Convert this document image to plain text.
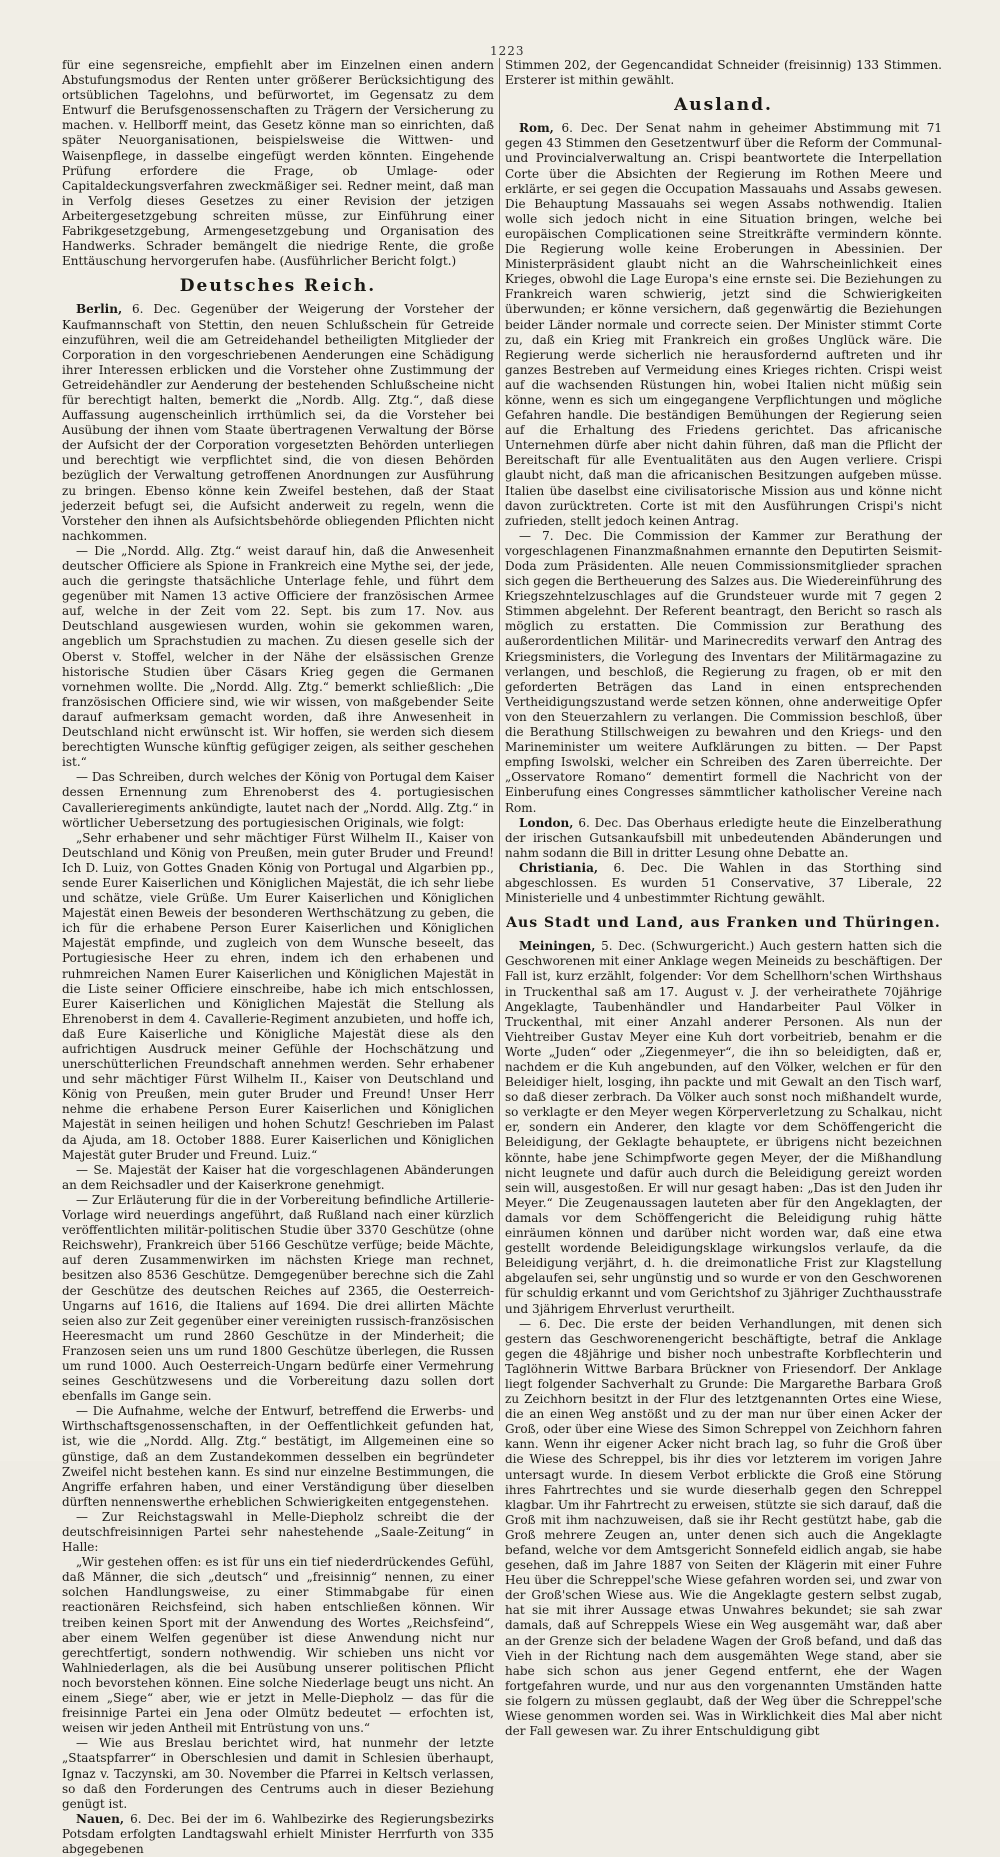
1223

für eine segensreiche, empfiehlt aber im Einzelnen einen andern Abstufungsmodus der Renten unter größerer Berücksichtigung des ortsüblichen Tagelohns, und befürwortet, im Gegensatz zu dem Entwurf die Berufsgenossenschaften zu Trägern der Versicherung zu machen. v. Hellborff meint, das Gesetz könne man so einrichten, daß später Neuorganisationen, beispielsweise die Wittwen- und Waisenpflege, in dasselbe eingefügt werden könnten. Eingehende Prüfung erfordere die Frage, ob Umlage- oder Capitaldeckungsverfahren zweckmäßiger sei. Redner meint, daß man in Verfolg dieses Gesetzes zu einer Revision der jetzigen Arbeitergesetzgebung schreiten müsse, zur Einführung einer Fabrikgesetzgebung, Armengesetzgebung und Organisation des Handwerks. Schrader bemängelt die niedrige Rente, die große Enttäuschung hervorgerufen habe. (Ausführlicher Bericht folgt.)

Deutsches Reich.

Berlin, 6. Dec. Gegenüber der Weigerung der Vorsteher der Kaufmannschaft von Stettin, den neuen Schlußschein für Getreide einzuführen, weil die am Getreidehandel betheiligten Mitglieder der Corporation in den vorgeschriebenen Aenderungen eine Schädigung ihrer Interessen erblicken und die Vorsteher ohne Zustimmung der Getreidehändler zur Aenderung der bestehenden Schlußscheine nicht für berechtigt halten, bemerkt die „Nordb. Allg. Ztg.“, daß diese Auffassung augenscheinlich irrthümlich sei, da die Vorsteher bei Ausübung der ihnen vom Staate übertragenen Verwaltung der Börse der Aufsicht der der Corporation vorgesetzten Behörden unterliegen und berechtigt wie verpflichtet sind, die von diesen Behörden bezüglich der Verwaltung getroffenen Anordnungen zur Ausführung zu bringen. Ebenso könne kein Zweifel bestehen, daß der Staat jederzeit befugt sei, die Aufsicht anderweit zu regeln, wenn die Vorsteher den ihnen als Aufsichtsbehörde obliegenden Pflichten nicht nachkommen.

— Die „Nordd. Allg. Ztg.“ weist darauf hin, daß die Anwesenheit deutscher Officiere als Spione in Frankreich eine Mythe sei, der jede, auch die geringste thatsächliche Unterlage fehle, und führt dem gegenüber mit Namen 13 active Officiere der französischen Armee auf, welche in der Zeit vom 22. Sept. bis zum 17. Nov. aus Deutschland ausgewiesen wurden, wohin sie gekommen waren, angeblich um Sprachstudien zu machen. Zu diesen geselle sich der Oberst v. Stoffel, welcher in der Nähe der elsässischen Grenze historische Studien über Cäsars Krieg gegen die Germanen vornehmen wollte. Die „Nordd. Allg. Ztg.“ bemerkt schließlich: „Die französischen Officiere sind, wie wir wissen, von maßgebender Seite darauf aufmerksam gemacht worden, daß ihre Anwesenheit in Deutschland nicht erwünscht ist. Wir hoffen, sie werden sich diesem berechtigten Wunsche künftig gefügiger zeigen, als seither geschehen ist.“

— Das Schreiben, durch welches der König von Portugal dem Kaiser dessen Ernennung zum Ehrenoberst des 4. portugiesischen Cavallerieregiments ankündigte, lautet nach der „Nordd. Allg. Ztg.“ in wörtlicher Uebersetzung des portugiesischen Originals, wie folgt:

„Sehr erhabener und sehr mächtiger Fürst Wilhelm II., Kaiser von Deutschland und König von Preußen, mein guter Bruder und Freund! Ich D. Luiz, von Gottes Gnaden König von Portugal und Algarbien pp., sende Eurer Kaiserlichen und Königlichen Majestät, die ich sehr liebe und schätze, viele Grüße. Um Eurer Kaiserlichen und Königlichen Majestät einen Beweis der besonderen Werthschätzung zu geben, die ich für die erhabene Person Eurer Kaiserlichen und Königlichen Majestät empfinde, und zugleich von dem Wunsche beseelt, das Portugiesische Heer zu ehren, indem ich den erhabenen und ruhmreichen Namen Eurer Kaiserlichen und Königlichen Majestät in die Liste seiner Officiere einschreibe, habe ich mich entschlossen, Eurer Kaiserlichen und Königlichen Majestät die Stellung als Ehrenoberst in dem 4. Cavallerie-Regiment anzubieten, und hoffe ich, daß Eure Kaiserliche und Königliche Majestät diese als den aufrichtigen Ausdruck meiner Gefühle der Hochschätzung und unerschütterlichen Freundschaft annehmen werden. Sehr erhabener und sehr mächtiger Fürst Wilhelm II., Kaiser von Deutschland und König von Preußen, mein guter Bruder und Freund! Unser Herr nehme die erhabene Person Eurer Kaiserlichen und Königlichen Majestät in seinen heiligen und hohen Schutz! Geschrieben im Palast da Ajuda, am 18. October 1888. Eurer Kaiserlichen und Königlichen Majestät guter Bruder und Freund. Luiz.“

— Se. Majestät der Kaiser hat die vorgeschlagenen Abänderungen an dem Reichsadler und der Kaiserkrone genehmigt.

— Zur Erläuterung für die in der Vorbereitung befindliche Artillerie-Vorlage wird neuerdings angeführt, daß Rußland nach einer kürzlich veröffentlichten militär-politischen Studie über 3370 Geschütze (ohne Reichswehr), Frankreich über 5166 Geschütze verfüge; beide Mächte, auf deren Zusammenwirken im nächsten Kriege man rechnet, besitzen also 8536 Geschütze. Demgegenüber berechne sich die Zahl der Geschütze des deutschen Reiches auf 2365, die Oesterreich-Ungarns auf 1616, die Italiens auf 1694. Die drei allirten Mächte seien also zur Zeit gegenüber einer vereinigten russisch-französischen Heeresmacht um rund 2860 Geschütze in der Minderheit; die Franzosen seien uns um rund 1800 Geschütze überlegen, die Russen um rund 1000. Auch Oesterreich-Ungarn bedürfe einer Vermehrung seines Geschützwesens und die Vorbereitung dazu sollen dort ebenfalls im Gange sein.

— Die Aufnahme, welche der Entwurf, betreffend die Erwerbs- und Wirthschaftsgenossenschaften, in der Oeffentlichkeit gefunden hat, ist, wie die „Nordd. Allg. Ztg.“ bestätigt, im Allgemeinen eine so günstige, daß an dem Zustandekommen desselben ein begründeter Zweifel nicht bestehen kann. Es sind nur einzelne Bestimmungen, die Angriffe erfahren haben, und einer Verständigung über dieselben dürften nennenswerthe erheblichen Schwierigkeiten entgegenstehen.

— Zur Reichstagswahl in Melle-Diepholz schreibt die der deutschfreisinnigen Partei sehr nahestehende „Saale-Zeitung“ in Halle:

„Wir gestehen offen: es ist für uns ein tief niederdrückendes Gefühl, daß Männer, die sich „deutsch“ und „freisinnig“ nennen, zu einer solchen Handlungsweise, zu einer Stimmabgabe für einen reactionären Reichsfeind, sich haben entschließen können. Wir treiben keinen Sport mit der Anwendung des Wortes „Reichsfeind“, aber einem Welfen gegenüber ist diese Anwendung nicht nur gerechtfertigt, sondern nothwendig. Wir schieben uns nicht vor Wahlniederlagen, als die bei Ausübung unserer politischen Pflicht noch bevorstehen können. Eine solche Niederlage beugt uns nicht. An einem „Siege“ aber, wie er jetzt in Melle-Diepholz — das für die freisinnige Partei ein Jena oder Olmütz bedeutet — erfochten ist, weisen wir jeden Antheil mit Entrüstung von uns.“

— Wie aus Breslau berichtet wird, hat nunmehr der letzte „Staatspfarrer“ in Oberschlesien und damit in Schlesien überhaupt, Ignaz v. Taczynski, am 30. November die Pfarrei in Keltsch verlassen, so daß den Forderungen des Centrums auch in dieser Beziehung genügt ist.

Nauen, 6. Dec. Bei der im 6. Wahlbezirke des Regierungsbezirks Potsdam erfolgten Landtagswahl erhielt Minister Herrfurth von 335 abgegebenen

Stimmen 202, der Gegencandidat Schneider (freisinnig) 133 Stimmen. Ersterer ist mithin gewählt.

Ausland.

Rom, 6. Dec. Der Senat nahm in geheimer Abstimmung mit 71 gegen 43 Stimmen den Gesetzentwurf über die Reform der Communal- und Provincialverwaltung an. Crispi beantwortete die Interpellation Corte über die Absichten der Regierung im Rothen Meere und erklärte, er sei gegen die Occupation Massauahs und Assabs gewesen. Die Behauptung Massauahs sei wegen Assabs nothwendig. Italien wolle sich jedoch nicht in eine Situation bringen, welche bei europäischen Complicationen seine Streitkräfte vermindern könnte. Die Regierung wolle keine Eroberungen in Abessinien. Der Ministerpräsident glaubt nicht an die Wahrscheinlichkeit eines Krieges, obwohl die Lage Europa's eine ernste sei. Die Beziehungen zu Frankreich waren schwierig, jetzt sind die Schwierigkeiten überwunden; er könne versichern, daß gegenwärtig die Beziehungen beider Länder normale und correcte seien. Der Minister stimmt Corte zu, daß ein Krieg mit Frankreich ein großes Unglück wäre. Die Regierung werde sicherlich nie herausfordernd auftreten und ihr ganzes Bestreben auf Vermeidung eines Krieges richten. Crispi weist auf die wachsenden Rüstungen hin, wobei Italien nicht müßig sein könne, wenn es sich um eingegangene Verpflichtungen und mögliche Gefahren handle. Die beständigen Bemühungen der Regierung seien auf die Erhaltung des Friedens gerichtet. Das africanische Unternehmen dürfe aber nicht dahin führen, daß man die Pflicht der Bereitschaft für alle Eventualitäten aus den Augen verliere. Crispi glaubt nicht, daß man die africanischen Besitzungen aufgeben müsse. Italien übe daselbst eine civilisatorische Mission aus und könne nicht davon zurücktreten. Corte ist mit den Ausführungen Crispi's nicht zufrieden, stellt jedoch keinen Antrag.

— 7. Dec. Die Commission der Kammer zur Berathung der vorgeschlagenen Finanzmaßnahmen ernannte den Deputirten Seismit-Doda zum Präsidenten. Alle neuen Commissionsmitglieder sprachen sich gegen die Bertheuerung des Salzes aus. Die Wiedereinführung des Kriegszehntelzuschlages auf die Grundsteuer wurde mit 7 gegen 2 Stimmen abgelehnt. Der Referent beantragt, den Bericht so rasch als möglich zu erstatten. Die Commission zur Berathung des außerordentlichen Militär- und Marinecredits verwarf den Antrag des Kriegsministers, die Vorlegung des Inventars der Militärmagazine zu verlangen, und beschloß, die Regierung zu fragen, ob er mit den geforderten Beträgen das Land in einen entsprechenden Vertheidigungszustand werde setzen können, ohne anderweitige Opfer von den Steuerzahlern zu verlangen. Die Commission beschloß, über die Berathung Stillschweigen zu bewahren und den Kriegs- und den Marineminister um weitere Aufklärungen zu bitten. — Der Papst empfing Iswolski, welcher ein Schreiben des Zaren überreichte. Der „Osservatore Romano“ dementirt formell die Nachricht von der Einberufung eines Congresses sämmtlicher katholischer Vereine nach Rom.

London, 6. Dec. Das Oberhaus erledigte heute die Einzelberathung der irischen Gutsankaufsbill mit unbedeutenden Abänderungen und nahm sodann die Bill in dritter Lesung ohne Debatte an.

Christiania, 6. Dec. Die Wahlen in das Storthing sind abgeschlossen. Es wurden 51 Conservative, 37 Liberale, 22 Ministerielle und 4 unbestimmter Richtung gewählt.

Aus Stadt und Land, aus Franken und Thüringen.

Meiningen, 5. Dec. (Schwurgericht.) Auch gestern hatten sich die Geschworenen mit einer Anklage wegen Meineids zu beschäftigen. Der Fall ist, kurz erzählt, folgender: Vor dem Schellhorn'schen Wirthshaus in Truckenthal saß am 17. August v. J. der verheirathete 70jährige Angeklagte, Taubenhändler und Handarbeiter Paul Völker in Truckenthal, mit einer Anzahl anderer Personen. Als nun der Viehtreiber Gustav Meyer eine Kuh dort vorbeitrieb, benahm er die Worte „Juden“ oder „Ziegenmeyer“, die ihn so beleidigten, daß er, nachdem er die Kuh angebunden, auf den Völker, welchen er für den Beleidiger hielt, losging, ihn packte und mit Gewalt an den Tisch warf, so daß dieser zerbrach. Da Völker auch sonst noch mißhandelt wurde, so verklagte er den Meyer wegen Körperverletzung zu Schalkau, nicht er, sondern ein Anderer, den klagte vor dem Schöffengericht die Beleidigung, der Geklagte behauptete, er übrigens nicht bezeichnen könnte, habe jene Schimpfworte gegen Meyer, der die Mißhandlung nicht leugnete und dafür auch durch die Beleidigung gereizt worden sein will, ausgestoßen. Er will nur gesagt haben: „Das ist den Juden ihr Meyer.“ Die Zeugenaussagen lauteten aber für den Angeklagten, der damals vor dem Schöffengericht die Beleidigung ruhig hätte einräumen können und darüber nicht worden war, daß eine etwa gestellt wordende Beleidigungsklage wirkungslos verlaufe, da die Beleidigung verjährt, d. h. die dreimonatliche Frist zur Klagstellung abgelaufen sei, sehr ungünstig und so wurde er von den Geschworenen für schuldig erkannt und vom Gerichtshof zu 3jähriger Zuchthausstrafe und 3jährigem Ehrverlust verurtheilt.

— 6. Dec. Die erste der beiden Verhandlungen, mit denen sich gestern das Geschworenengericht beschäftigte, betraf die Anklage gegen die 48jährige und bisher noch unbestrafte Korbflechterin und Taglöhnerin Wittwe Barbara Brückner von Friesendorf. Der Anklage liegt folgender Sachverhalt zu Grunde: Die Margarethe Barbara Groß zu Zeichhorn besitzt in der Flur des letztgenannten Ortes eine Wiese, die an einen Weg anstößt und zu der man nur über einen Acker der Groß, oder über eine Wiese des Simon Schreppel von Zeichhorn fahren kann. Wenn ihr eigener Acker nicht brach lag, so fuhr die Groß über die Wiese des Schreppel, bis ihr dies vor letzterem im vorigen Jahre untersagt wurde. In diesem Verbot erblickte die Groß eine Störung ihres Fahrtrechtes und sie wurde dieserhalb gegen den Schreppel klagbar. Um ihr Fahrtrecht zu erweisen, stützte sie sich darauf, daß die Groß mit ihm nachzuweisen, daß sie ihr Recht gestützt habe, gab die Groß mehrere Zeugen an, unter denen sich auch die Angeklagte befand, welche vor dem Amtsgericht Sonnefeld eidlich angab, sie habe gesehen, daß im Jahre 1887 von Seiten der Klägerin mit einer Fuhre Heu über die Schreppel'sche Wiese gefahren worden sei, und zwar von der Groß'schen Wiese aus. Wie die Angeklagte gestern selbst zugab, hat sie mit ihrer Aussage etwas Unwahres bekundet; sie sah zwar damals, daß auf Schreppels Wiese ein Weg ausgemäht war, daß aber an der Grenze sich der beladene Wagen der Groß befand, und daß das Vieh in der Richtung nach dem ausgemähten Wege stand, aber sie habe sich schon aus jener Gegend entfernt, ehe der Wagen fortgefahren wurde, und nur aus den vorgenannten Umständen hatte sie folgern zu müssen geglaubt, daß der Weg über die Schreppel'sche Wiese genommen worden sei. Was in Wirklichkeit dies Mal aber nicht der Fall gewesen war. Zu ihrer Entschuldigung gibt
